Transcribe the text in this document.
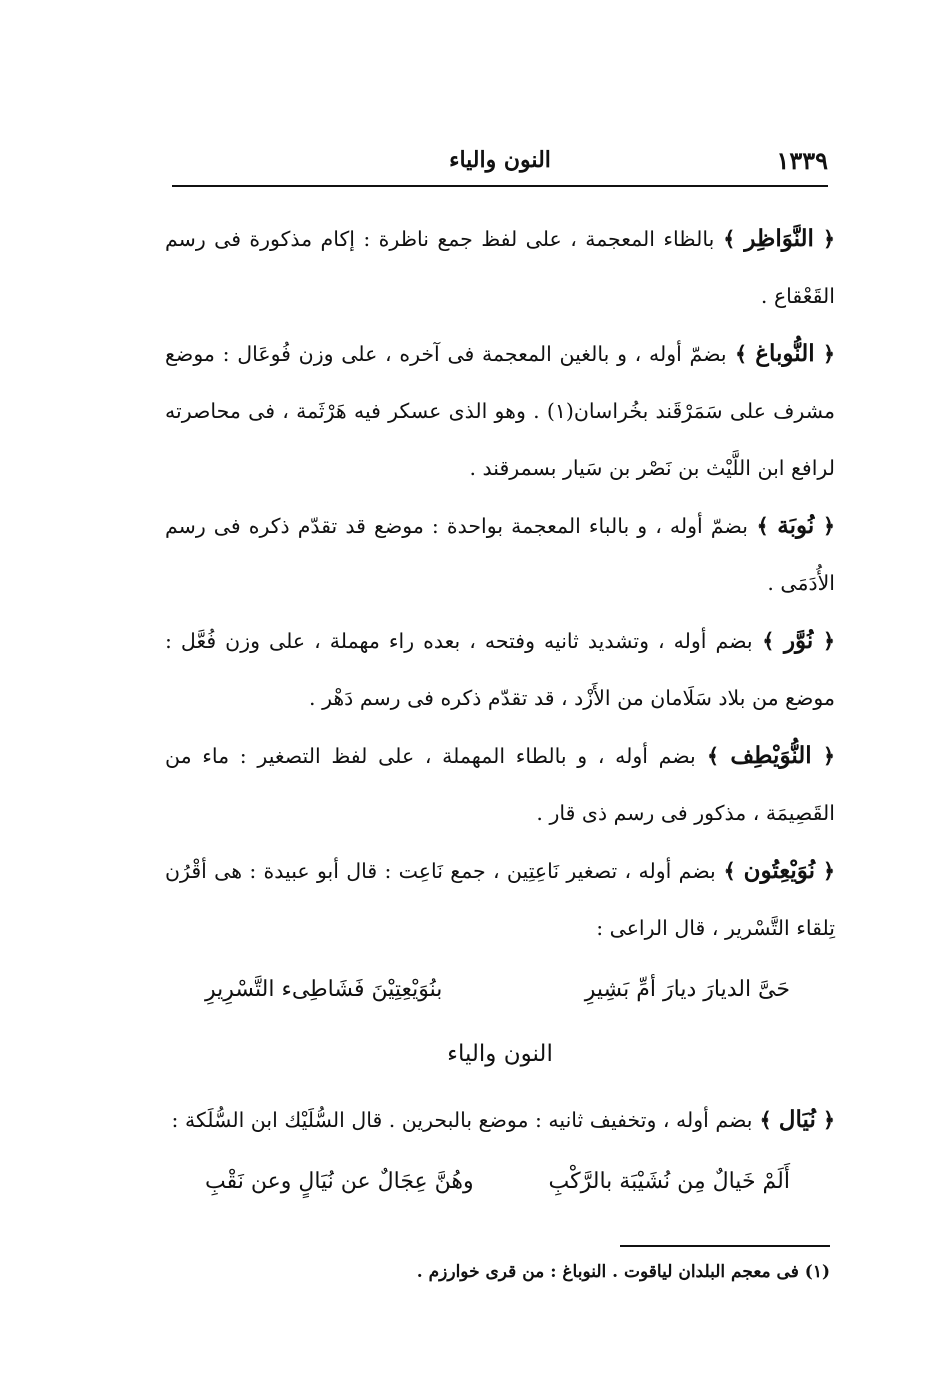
النون والياء	١٣٣٩

﴿ النَّوَاظِر ﴾ بالظاء المعجمة ، على لفظ جمع ناظرة : إكام مذكورة فى رسم القَعْقاع .

﴿ النُّوباغ ﴾ بضمّ أوله ، و بالغين المعجمة فى آخره ، على وزن فُوعَال : موضع مشرف على سَمَرْقَند بخُراسان(١) . وهو الذى عسكر فيه هَرْثَمة ، فى محاصرته لرافع ابن اللَّيْث بن نَصْر بن سَيار بسمرقند .

﴿ نُوبَة ﴾ بضمّ أوله ، و بالباء المعجمة بواحدة : موضع قد تقدّم ذكره فى رسم الأُدَمَى .

﴿ نُوَّر ﴾ بضم أوله ، وتشديد ثانيه وفتحه ، بعده راء مهملة ، على وزن فُعَّل : موضع من بلاد سَلَامان من الأَزْد ، قد تقدّم ذكره فى رسم دَهْر .

﴿ النُّوَيْطِف ﴾ بضم أوله ، و بالطاء المهملة ، على لفظ التصغير : ماء من القَصِيمَة ، مذكور فى رسم ذى قار .

﴿ نُوَيْعِتُون ﴾ بضم أوله ، تصغير نَاعِتِين ، جمع نَاعِت : قال أبو عبيدة : هى أقْرُن تِلقاء التَّسْرير ، قال الراعى :

حَىَّ الديارَ ديارَ أمِّ بَشِيرِ
بنُوَيْعِتِيْنَ فَشَاطِىء التَّسْرِيرِ
النون والياء

﴿ نُيَال ﴾ بضم أوله ، وتخفيف ثانيه : موضع بالبحرين . قال السُّلَيْك ابن السُّلَكة :

أَلَمْ خَيالٌ مِن نُشَيْبَة بالرَّكْبِ
وهُنَّ عِجَالٌ عن نُيَالٍ وعن نَقْبِ
(١) فى معجم البلدان لياقوت . النوباغ : من قرى خوارزم .
